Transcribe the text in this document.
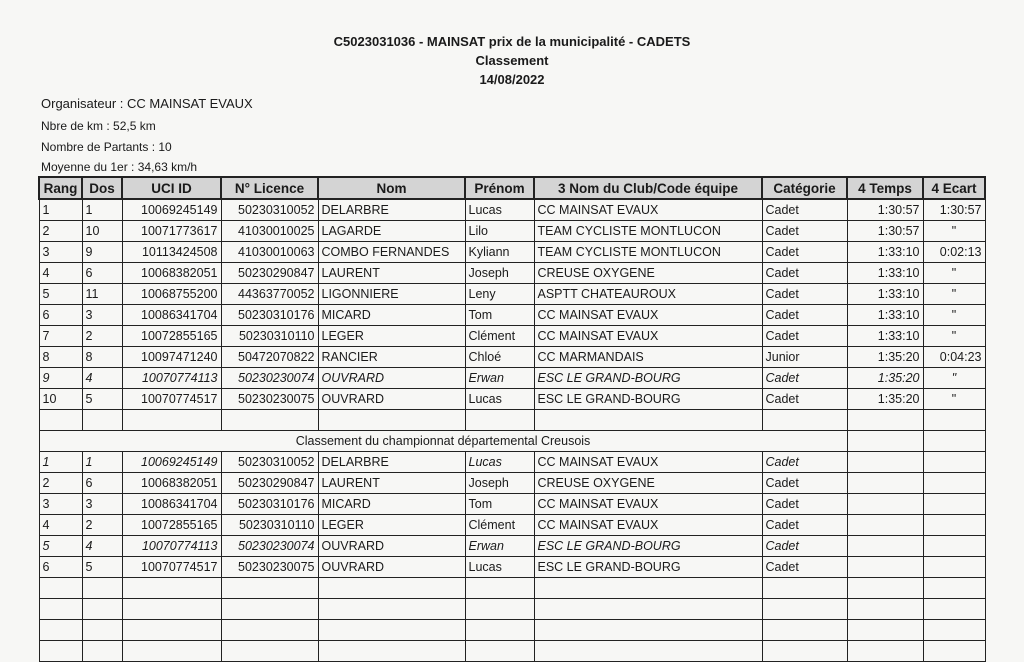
C5023031036 - MAINSAT prix de la municipalité - CADETS
Classement
14/08/2022
Organisateur : CC MAINSAT EVAUX
Nbre de km : 52,5 km
Nombre de Partants : 10
Moyenne du 1er : 34,63 km/h
Rang	Dos	UCI ID	N° Licence	Nom	Prénom	3 Nom du Club/Code équipe	Catégorie	4 Temps	4 Ecart
1	1	10069245149	50230310052	DELARBRE	Lucas	CC MAINSAT EVAUX	Cadet	1:30:57	1:30:57
2	10	10071773617	41030010025	LAGARDE	Lilo	TEAM CYCLISTE MONTLUCON	Cadet	1:30:57	"
3	9	10113424508	41030010063	COMBO FERNANDES	Kyliann	TEAM CYCLISTE MONTLUCON	Cadet	1:33:10	0:02:13
4	6	10068382051	50230290847	LAURENT	Joseph	CREUSE OXYGENE	Cadet	1:33:10	"
5	11	10068755200	44363770052	LIGONNIERE	Leny	ASPTT CHATEAUROUX	Cadet	1:33:10	"
6	3	10086341704	50230310176	MICARD	Tom	CC MAINSAT EVAUX	Cadet	1:33:10	"
7	2	10072855165	50230310110	LEGER	Clément	CC MAINSAT EVAUX	Cadet	1:33:10	"
8	8	10097471240	50472070822	RANCIER	Chloé	CC MARMANDAIS	Junior	1:35:20	0:04:23
9	4	10070774113	50230230074	OUVRARD	Erwan	ESC LE GRAND-BOURG	Cadet	1:35:20	"
10	5	10070774517	50230230075	OUVRARD	Lucas	ESC LE GRAND-BOURG	Cadet	1:35:20	"

Classement du championnat départemental Creusois									
1	1	10069245149	50230310052	DELARBRE	Lucas	CC MAINSAT EVAUX	Cadet		
2	6	10068382051	50230290847	LAURENT	Joseph	CREUSE OXYGENE	Cadet		
3	3	10086341704	50230310176	MICARD	Tom	CC MAINSAT EVAUX	Cadet		
4	2	10072855165	50230310110	LEGER	Clément	CC MAINSAT EVAUX	Cadet		
5	4	10070774113	50230230074	OUVRARD	Erwan	ESC LE GRAND-BOURG	Cadet		
6	5	10070774517	50230230075	OUVRARD	Lucas	ESC LE GRAND-BOURG	Cadet		
